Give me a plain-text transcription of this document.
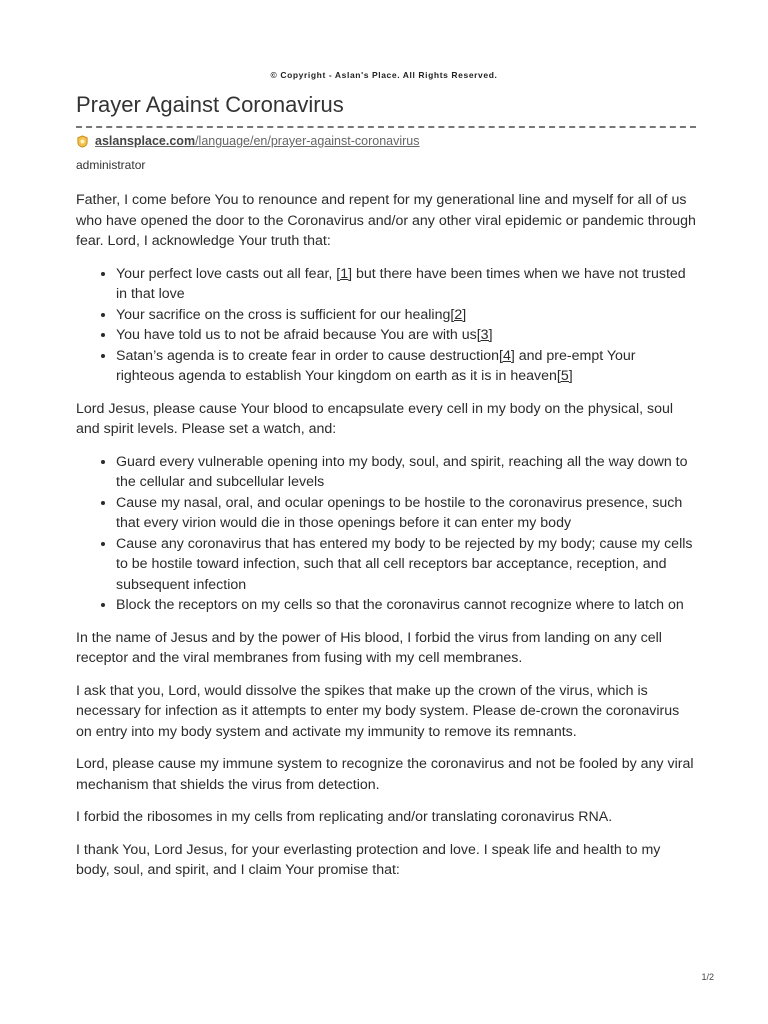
© Copyright - Aslan's Place. All Rights Reserved.
Prayer Against Coronavirus
aslansplace.com/language/en/prayer-against-coronavirus
administrator

Father, I come before You to renounce and repent for my generational line and myself for all of us who have opened the door to the Coronavirus and/or any other viral epidemic or pandemic through fear. Lord, I acknowledge Your truth that:

• Your perfect love casts out all fear, [1] but there have been times when we have not trusted in that love
• Your sacrifice on the cross is sufficient for our healing[2]
• You have told us to not be afraid because You are with us[3]
• Satan’s agenda is to create fear in order to cause destruction[4] and pre-empt Your righteous agenda to establish Your kingdom on earth as it is in heaven[5]

Lord Jesus, please cause Your blood to encapsulate every cell in my body on the physical, soul and spirit levels. Please set a watch, and:

• Guard every vulnerable opening into my body, soul, and spirit, reaching all the way down to the cellular and subcellular levels
• Cause my nasal, oral, and ocular openings to be hostile to the coronavirus presence, such that every virion would die in those openings before it can enter my body
• Cause any coronavirus that has entered my body to be rejected by my body; cause my cells to be hostile toward infection, such that all cell receptors bar acceptance, reception, and subsequent infection
• Block the receptors on my cells so that the coronavirus cannot recognize where to latch on

In the name of Jesus and by the power of His blood, I forbid the virus from landing on any cell receptor and the viral membranes from fusing with my cell membranes.

I ask that you, Lord, would dissolve the spikes that make up the crown of the virus, which is necessary for infection as it attempts to enter my body system. Please de-crown the coronavirus on entry into my body system and activate my immunity to remove its remnants.

Lord, please cause my immune system to recognize the coronavirus and not be fooled by any viral mechanism that shields the virus from detection.

I forbid the ribosomes in my cells from replicating and/or translating coronavirus RNA.

I thank You, Lord Jesus, for your everlasting protection and love. I speak life and health to my body, soul, and spirit, and I claim Your promise that:

1/2
